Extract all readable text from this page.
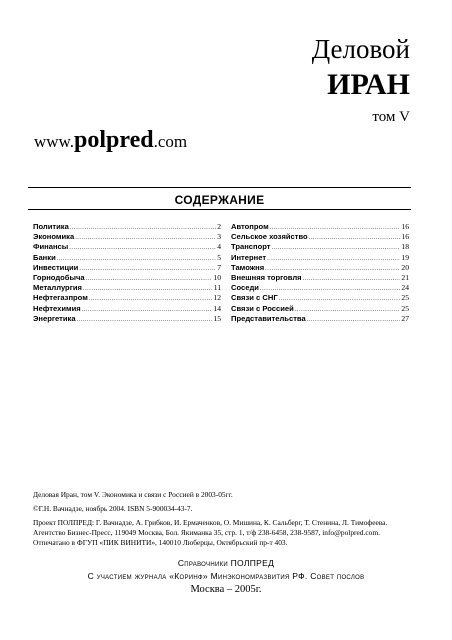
Деловой
ИРАН
том V
www.polpred.com
СОДЕРЖАНИЕ
Политика .....	2
Экономика .....	3
Финансы .....	4
Банки .....	5
Инвестиции .....	7
Горнодобыча .....	10
Металлургия .....	11
Нефтегазпром .....	12
Нефтехимия .....	14
Энергетика .....	15
Автопром .....	16
Сельское хозяйство .....	16
Транспорт .....	18
Интернет .....	19
Таможня .....	20
Внешняя торговля .....	21
Соседи .....	24
Связи с СНГ .....	25
Связи с Россией .....	25
Представительства .....	27
Деловая Иран, том V. Экономика и связи с Россией в 2003-05гг.
©Г.Н. Вачнадзе, ноябрь 2004. ISBN 5-900034-43-7.
Проект ПОЛПРЕД: Г. Вачнадзе, А. Грибков, И. Ермаченков, О. Мишина, К. Сальберг, Т. Стенина, Л. Тимофеева.
Агентство Бизнес-Пресс, 119049 Москва, Бол. Якиманка 35, стр. 1, т/ф 238-6458, 238-9587, info@polpred.com.
Отпечатано в ФГУП «ПИК ВИНИТИ», 140010 Люберцы, Октябрьский пр-т 403.
Справочники ПОЛПРЕД
С участием журнала «Коринф» Минэкономразвития РФ. Совет послов
Москва – 2005г.
